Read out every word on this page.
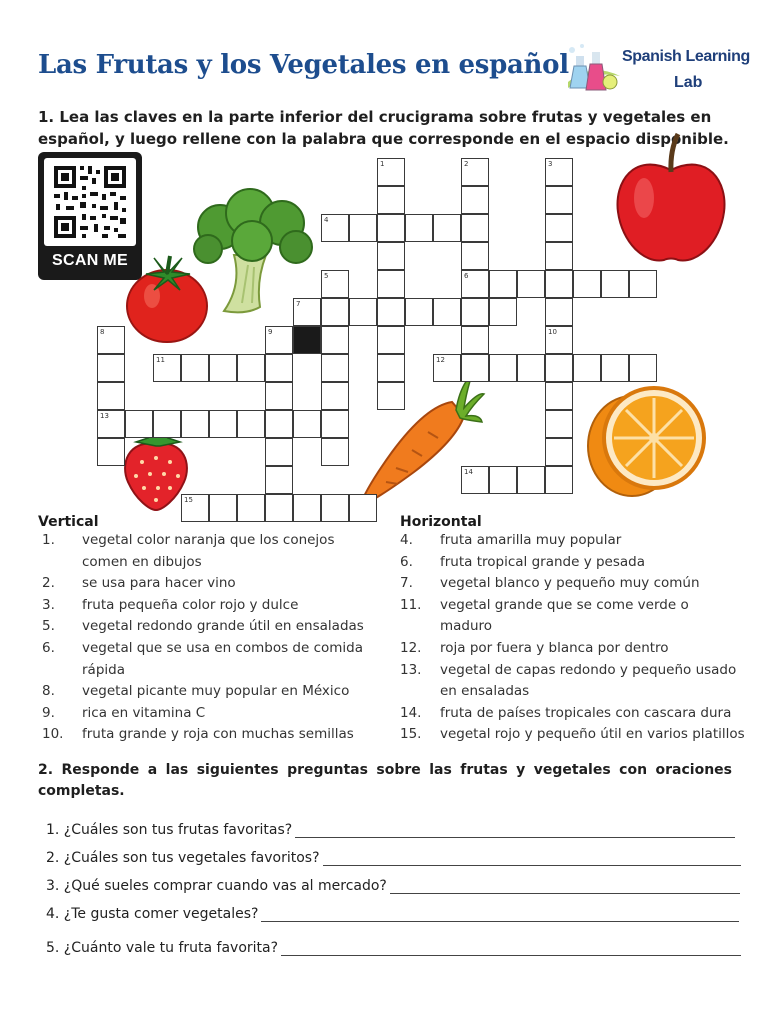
Las Frutas y los Vegetales en español	Spanish Learning
Lab
1. Lea las claves en la parte inferior del crucigrama sobre frutas y vegetales en español, y luego rellene con la palabra que corresponde en el espacio disponible.
SCAN ME
1	2	3
4
5	6
7
8	9	10
11	12
13
14
15
Vertical
1. vegetal color naranja que los conejos comen en dibujos
2. se usa para hacer vino
3. fruta pequeña color rojo y dulce
5. vegetal redondo grande útil en ensaladas
6. vegetal que se usa en combos de comida rápida
8. vegetal picante muy popular en México
9. rica en vitamina C
10. fruta grande y roja con muchas semillas
Horizontal
4. fruta amarilla muy popular
6. fruta tropical grande y pesada
7. vegetal blanco y pequeño muy común
11. vegetal grande que se come verde o maduro
12. roja por fuera y blanca por dentro
13. vegetal de capas redondo y pequeño usado en ensaladas
14. fruta de países tropicales con cascara dura
15. vegetal rojo y pequeño útil en varios platillos
2. Responde a las siguientes preguntas sobre las frutas y vegetales con oraciones completas.
1. ¿Cuáles son tus frutas favoritas?
2. ¿Cuáles son tus vegetales favoritos?
3. ¿Qué sueles comprar cuando vas al mercado?
4. ¿Te gusta comer vegetales?
5. ¿Cuánto vale tu fruta favorita?
